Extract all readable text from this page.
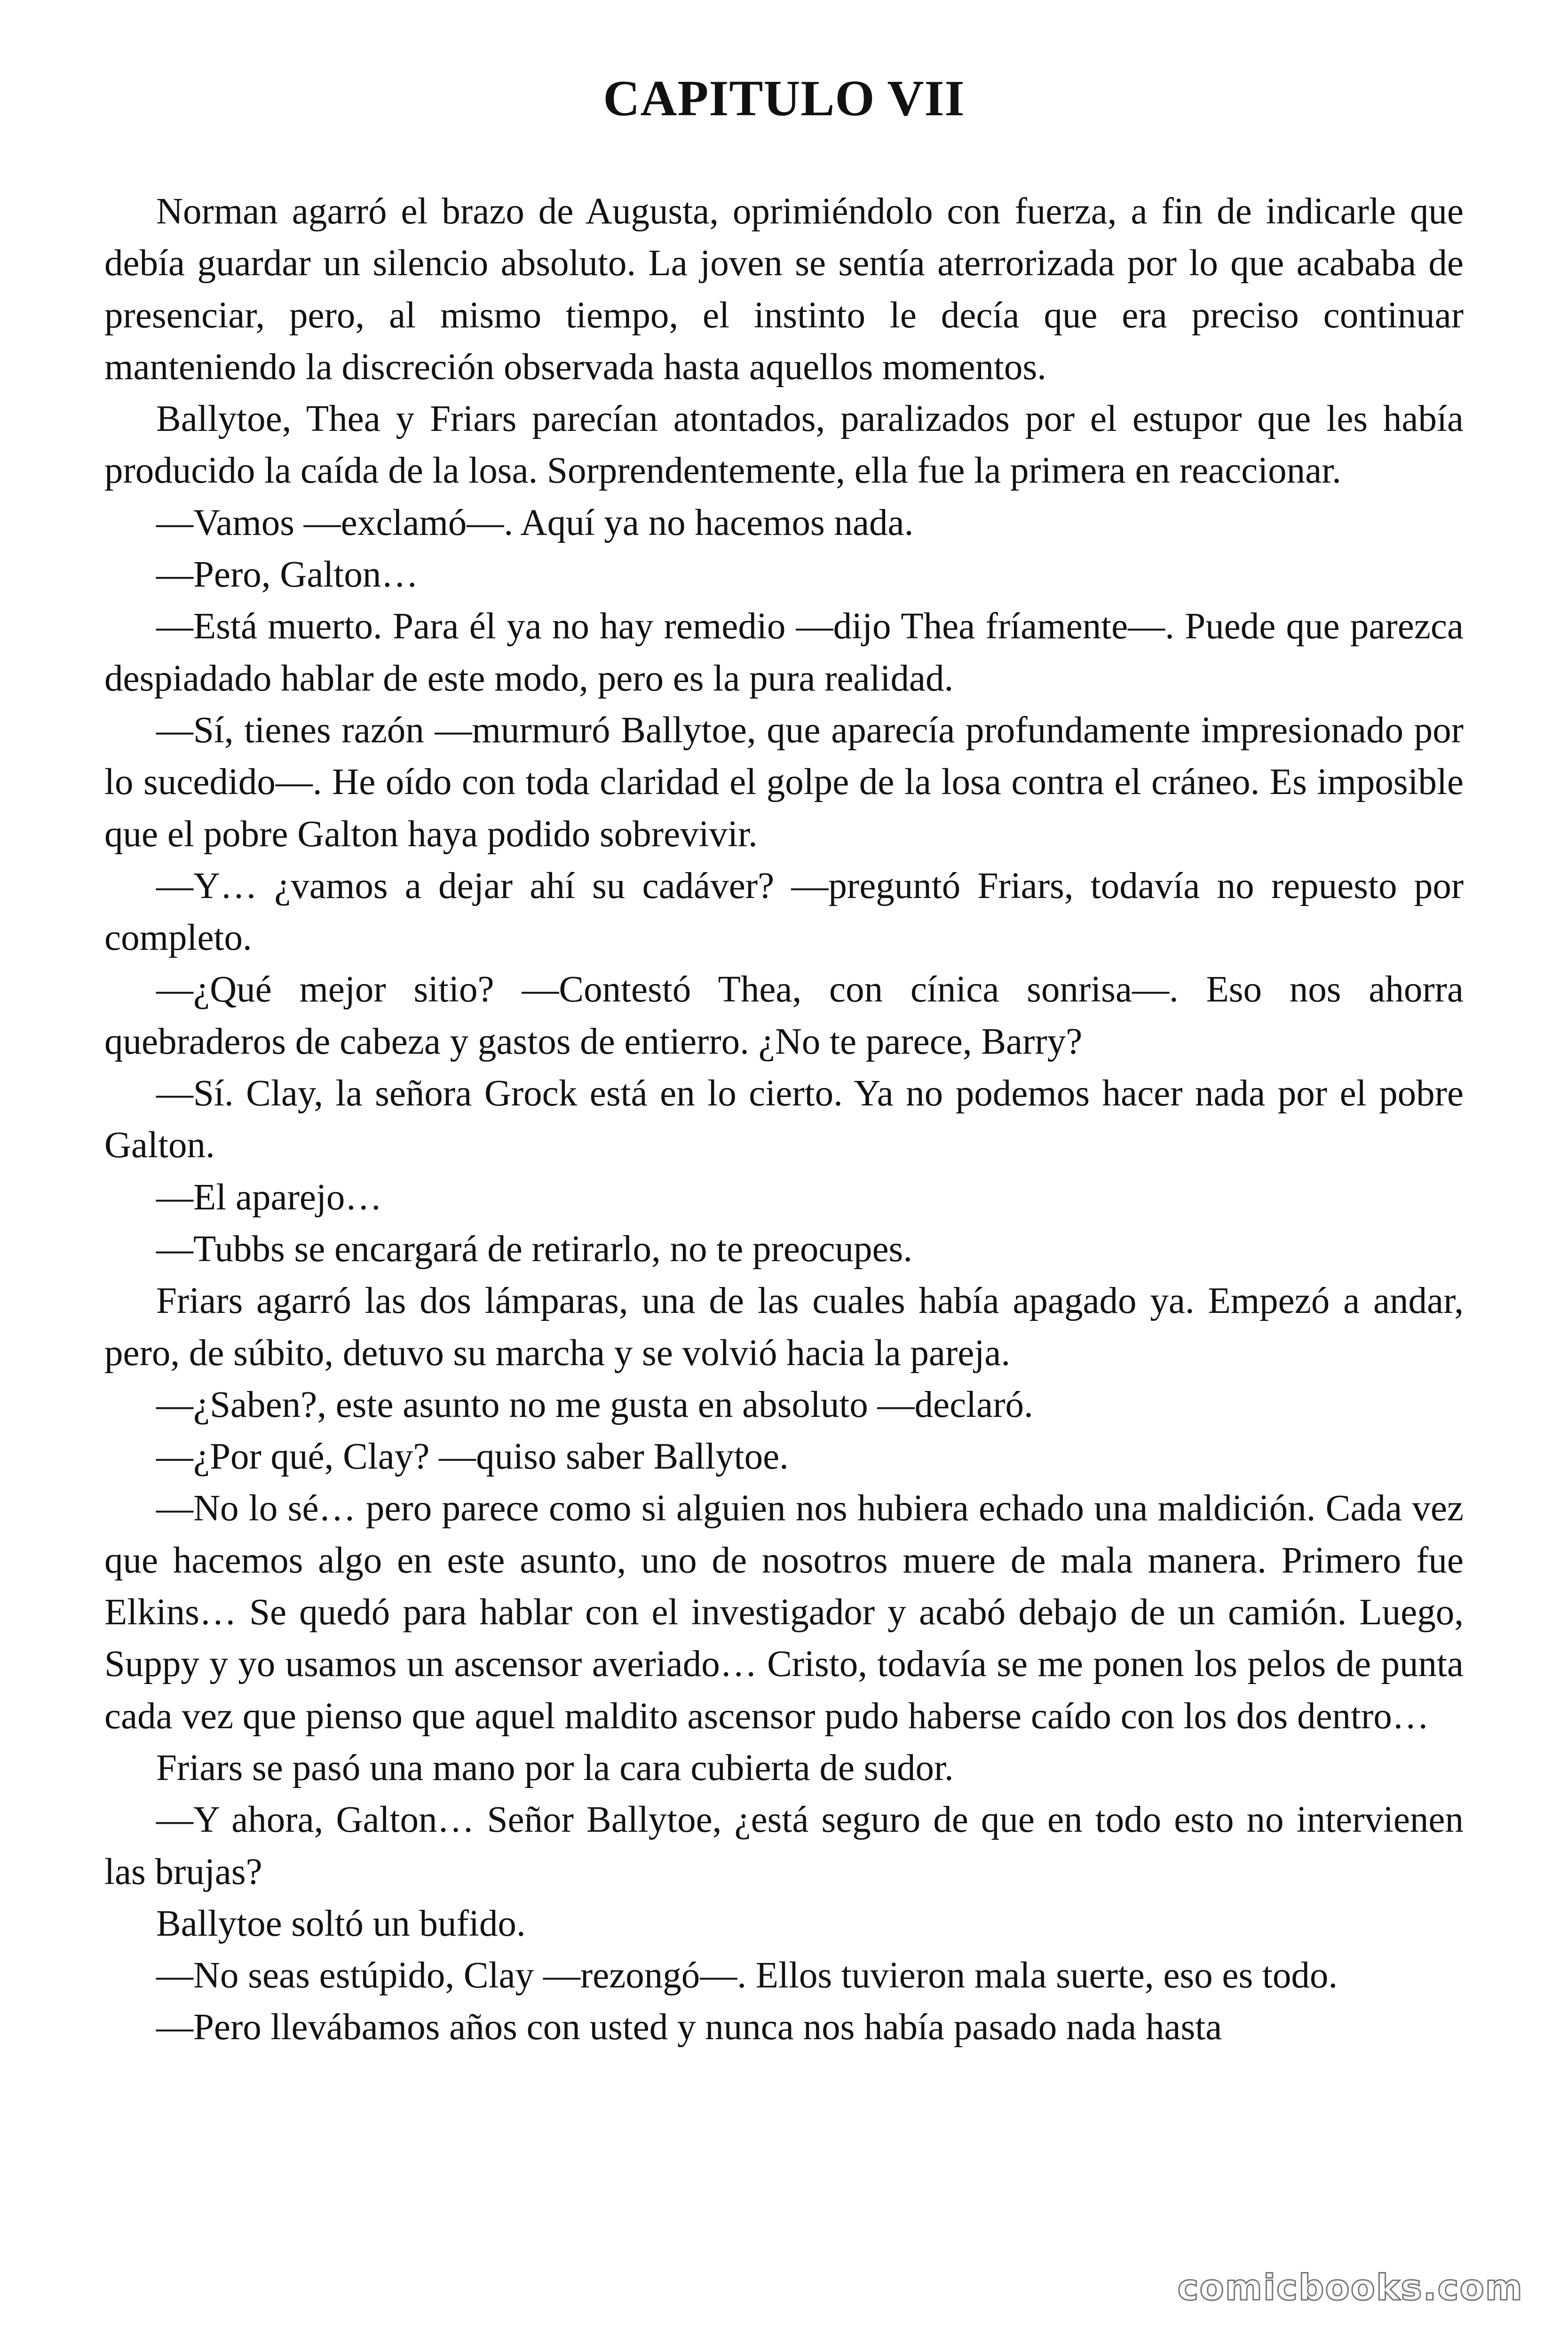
CAPITULO VII

Norman agarró el brazo de Augusta, oprimiéndolo con fuerza, a fin de indicarle que debía guardar un silencio absoluto. La joven se sentía aterrorizada por lo que acababa de presenciar, pero, al mismo tiempo, el instinto le decía que era preciso continuar manteniendo la discreción observada hasta aquellos momentos.

Ballytoe, Thea y Friars parecían atontados, paralizados por el estupor que les había producido la caída de la losa. Sorprendentemente, ella fue la primera en reaccionar.

—Vamos —exclamó—. Aquí ya no hacemos nada.

—Pero, Galton…

—Está muerto. Para él ya no hay remedio —dijo Thea fríamente—. Puede que parezca despiadado hablar de este modo, pero es la pura realidad.

—Sí, tienes razón —murmuró Ballytoe, que aparecía profundamente impresionado por lo sucedido—. He oído con toda claridad el golpe de la losa contra el cráneo. Es imposible que el pobre Galton haya podido sobrevivir.

—Y… ¿vamos a dejar ahí su cadáver? —preguntó Friars, todavía no repuesto por completo.

—¿Qué mejor sitio? —Contestó Thea, con cínica sonrisa—. Eso nos ahorra quebraderos de cabeza y gastos de entierro. ¿No te parece, Barry?

—Sí. Clay, la señora Grock está en lo cierto. Ya no podemos hacer nada por el pobre Galton.

—El aparejo…

—Tubbs se encargará de retirarlo, no te preocupes.

Friars agarró las dos lámparas, una de las cuales había apagado ya. Empezó a andar, pero, de súbito, detuvo su marcha y se volvió hacia la pareja.

—¿Saben?, este asunto no me gusta en absoluto —declaró.

—¿Por qué, Clay? —quiso saber Ballytoe.

—No lo sé… pero parece como si alguien nos hubiera echado una maldición. Cada vez que hacemos algo en este asunto, uno de nosotros muere de mala manera. Primero fue Elkins… Se quedó para hablar con el investigador y acabó debajo de un camión. Luego, Suppy y yo usamos un ascensor averiado… Cristo, todavía se me ponen los pelos de punta cada vez que pienso que aquel maldito ascensor pudo haberse caído con los dos dentro…

Friars se pasó una mano por la cara cubierta de sudor.

—Y ahora, Galton… Señor Ballytoe, ¿está seguro de que en todo esto no intervienen las brujas?

Ballytoe soltó un bufido.

—No seas estúpido, Clay —rezongó—. Ellos tuvieron mala suerte, eso es todo.

—Pero llevábamos años con usted y nunca nos había pasado nada hasta

comicbooks.com
